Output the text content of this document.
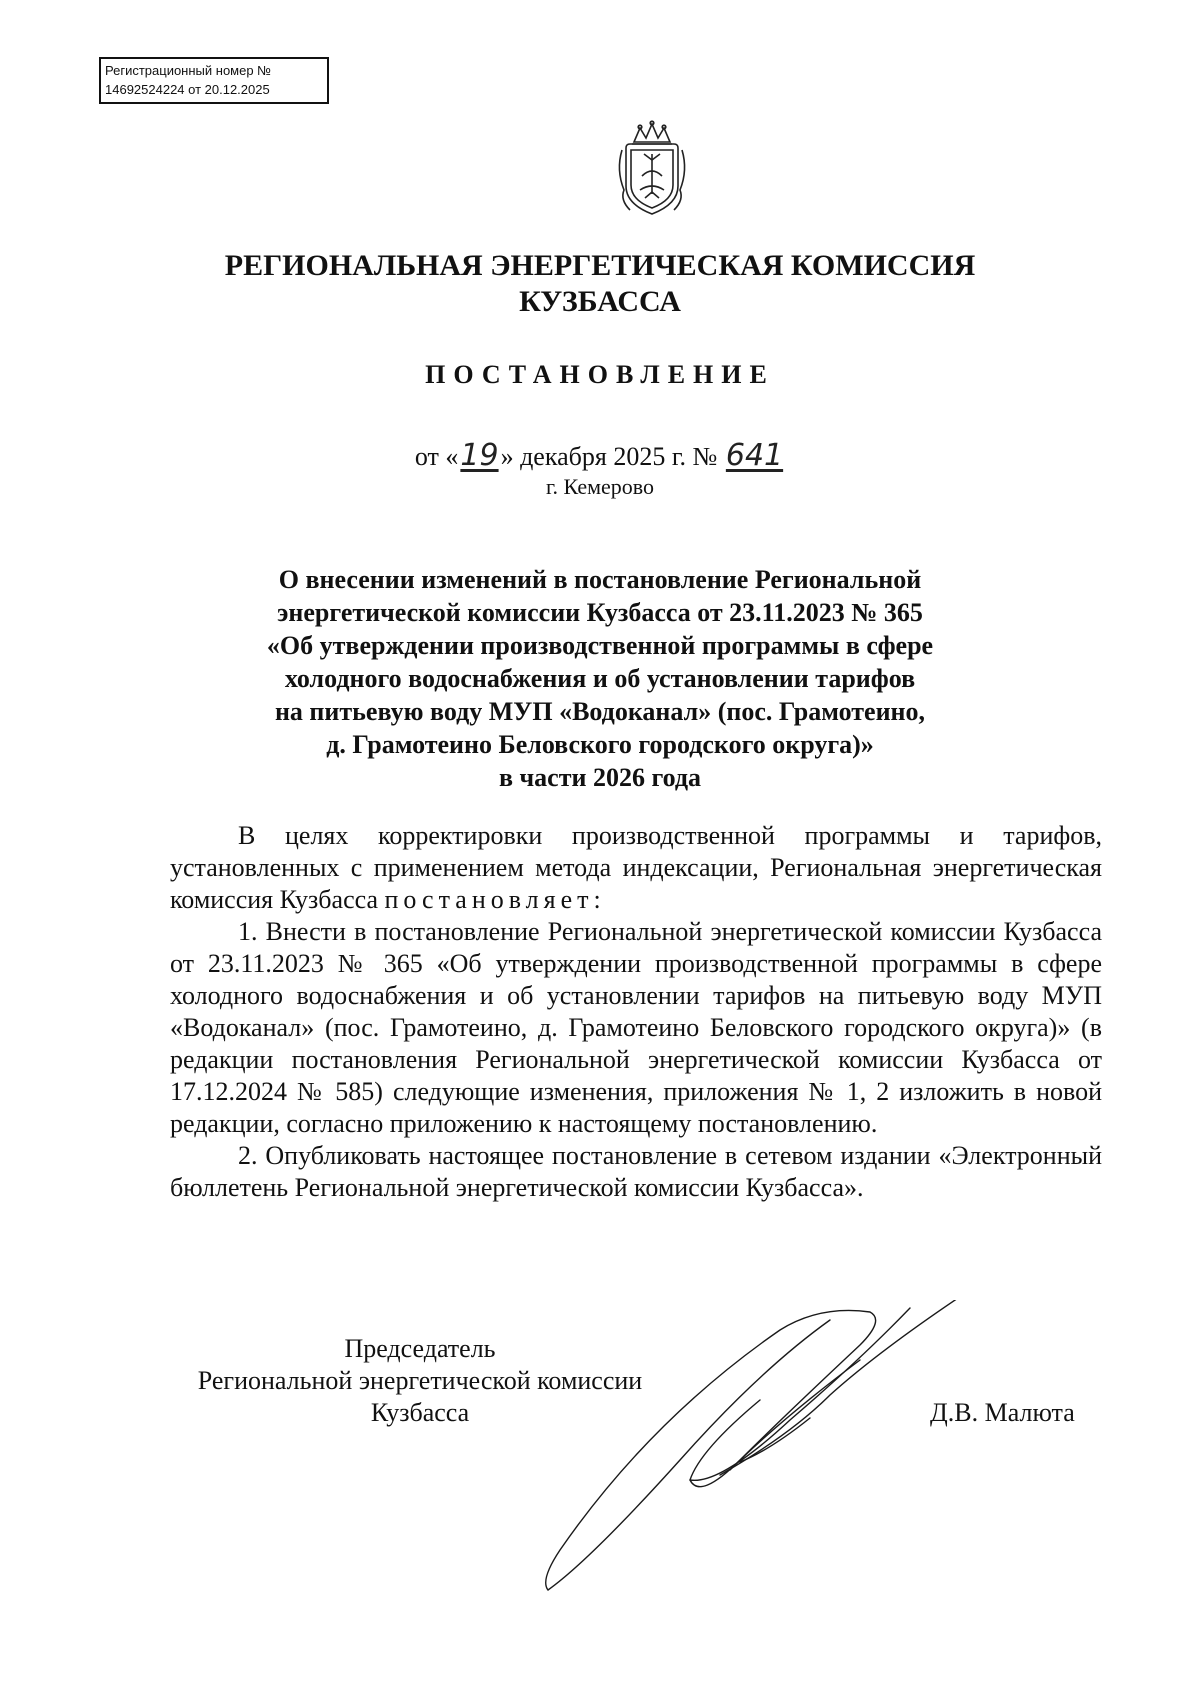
Регистрационный номер №
14692524224 от 20.12.2025
РЕГИОНАЛЬНАЯ ЭНЕРГЕТИЧЕСКАЯ КОМИССИЯ
КУЗБАССА
ПОСТАНОВЛЕНИЕ
от «19» декабря 2025 г. № 641
г. Кемерово
О внесении изменений в постановление Региональной
энергетической комиссии Кузбасса от 23.11.2023 № 365
«Об утверждении производственной программы в сфере
холодного водоснабжения и об установлении тарифов
на питьевую воду МУП «Водоканал» (пос. Грамотеино,
д. Грамотеино Беловского городского округа)»
в части 2026 года

В целях корректировки производственной программы и тарифов, установленных с применением метода индексации, Региональная энергетическая комиссия Кузбасса постановляет:

1. Внести в постановление Региональной энергетической комиссии Кузбасса от 23.11.2023 № 365 «Об утверждении производственной программы в сфере холодного водоснабжения и об установлении тарифов на питьевую воду МУП «Водоканал» (пос. Грамотеино, д. Грамотеино Беловского городского округа)» (в редакции постановления Региональной энергетической комиссии Кузбасса от 17.12.2024 № 585) следующие изменения, приложения № 1, 2 изложить в новой редакции, согласно приложению к настоящему постановлению.

2. Опубликовать настоящее постановление в сетевом издании «Электронный бюллетень Региональной энергетической комиссии Кузбасса».

Председатель
Региональной энергетической комиссии
Кузбасса	Д.В. Малюта
